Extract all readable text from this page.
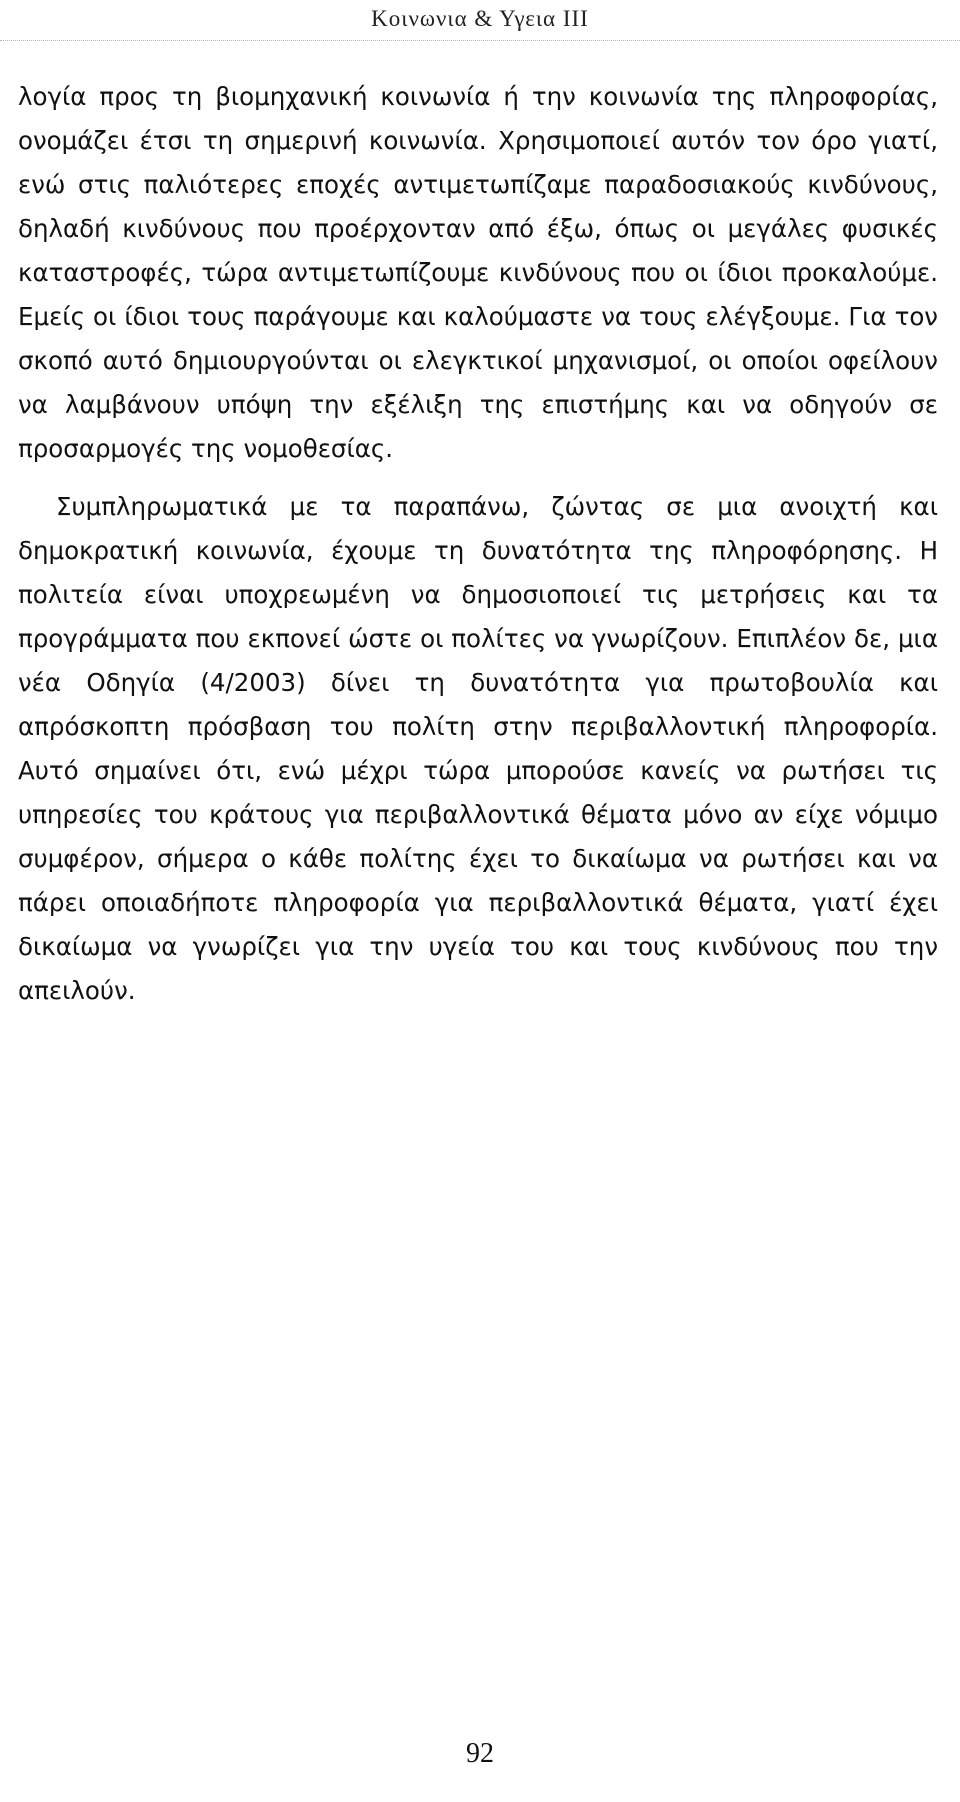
Κοινωνια & Υγεια III

λογία προς τη βιομηχανική κοινωνία ή την κοινωνία της πληροφορίας, ονομάζει έτσι τη σημερινή κοινωνία. Χρησιμοποιεί αυτόν τον όρο γιατί, ενώ στις παλιότερες εποχές αντιμετωπίζαμε παραδοσιακούς κινδύνους, δηλαδή κινδύνους που προέρχονταν από έξω, όπως οι μεγάλες φυσικές καταστροφές, τώρα αντιμετωπίζουμε κινδύνους που οι ίδιοι προκαλούμε. Εμείς οι ίδιοι τους παράγουμε και καλούμαστε να τους ελέγξουμε. Για τον σκοπό αυτό δημιουργούνται οι ελεγκτικοί μηχανισμοί, οι οποίοι οφείλουν να λαμβάνουν υπόψη την εξέλιξη της επιστήμης και να οδηγούν σε προσαρμογές της νομοθεσίας.

Συμπληρωματικά με τα παραπάνω, ζώντας σε μια ανοιχτή και δημοκρατική κοινωνία, έχουμε τη δυνατότητα της πληροφόρησης. Η πολιτεία είναι υποχρεωμένη να δημοσιοποιεί τις μετρήσεις και τα προγράμματα που εκπονεί ώστε οι πολίτες να γνωρίζουν. Επιπλέον δε, μια νέα Οδηγία (4/2003) δίνει τη δυνατότητα για πρωτοβουλία και απρόσκοπτη πρόσβαση του πολίτη στην περιβαλλοντική πληροφορία. Αυτό σημαίνει ότι, ενώ μέχρι τώρα μπορούσε κανείς να ρωτήσει τις υπηρεσίες του κράτους για περιβαλλοντικά θέματα μόνο αν είχε νόμιμο συμφέρον, σήμερα ο κάθε πολίτης έχει το δικαίωμα να ρωτήσει και να πάρει οποιαδήποτε πληροφορία για περιβαλλοντικά θέματα, γιατί έχει δικαίωμα να γνωρίζει για την υγεία του και τους κινδύνους που την απειλούν.

92
